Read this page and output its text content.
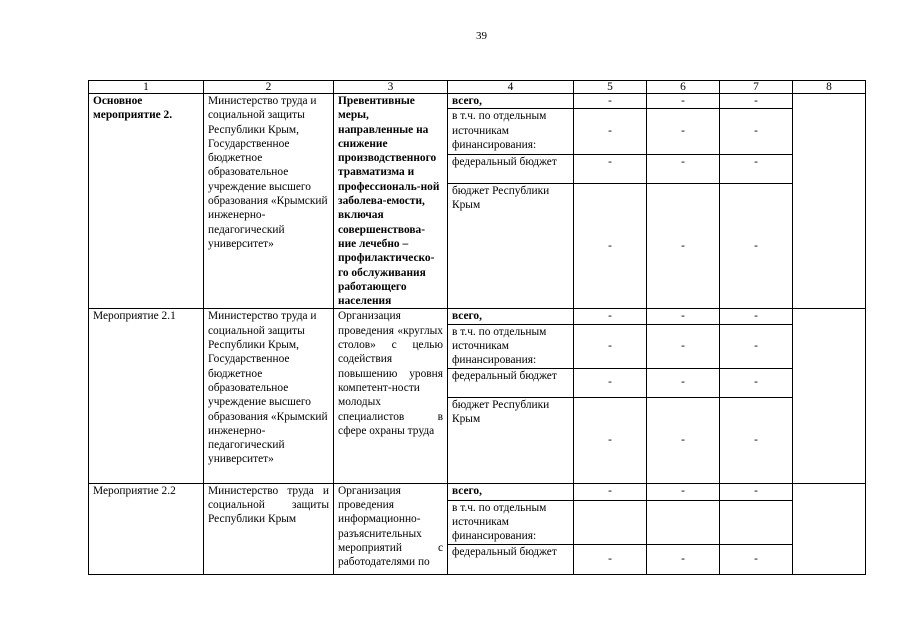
39
1	2	3	4	5	6	7	8
Основное мероприятие 2.	Министерство труда и социальной защиты Республики Крым, Государственное бюджетное образовательное учреждение высшего образования «Крымский инженерно-педагогический университет»	Превентивные меры, направленные на снижение производственного травматизма и профессиональ-ной заболева-емости, включая совершенствова-ние лечебно – профилактическо-го обслуживания работающего населения	всего,	-	-	-	
			в т.ч. по отдельным источникам финансирования:	-	-	-	
			федеральный бюджет	-	-	-	
			бюджет Республики Крым	-	-	-	
Мероприятие 2.1	Министерство труда и социальной защиты Республики Крым, Государственное бюджетное образовательное учреждение высшего образования «Крымский инженерно-педагогический университет»	Организация проведения «круглых столов» с целью содействия повышению уровня компетент-ности молодых специалистов в сфере охраны труда	всего,	-	-	-	
			в т.ч. по отдельным источникам финансирования:	-	-	-	
			федеральный бюджет	-	-	-	
			бюджет Республики Крым	-	-	-	
Мероприятие 2.2	Министерство труда и социальной защиты Республики Крым	Организация проведения информационно-разъяснительных мероприятий с работодателями по	всего,	-	-	-	
			в т.ч. по отдельным источникам финансирования:				
			федеральный бюджет	-	-	-	
